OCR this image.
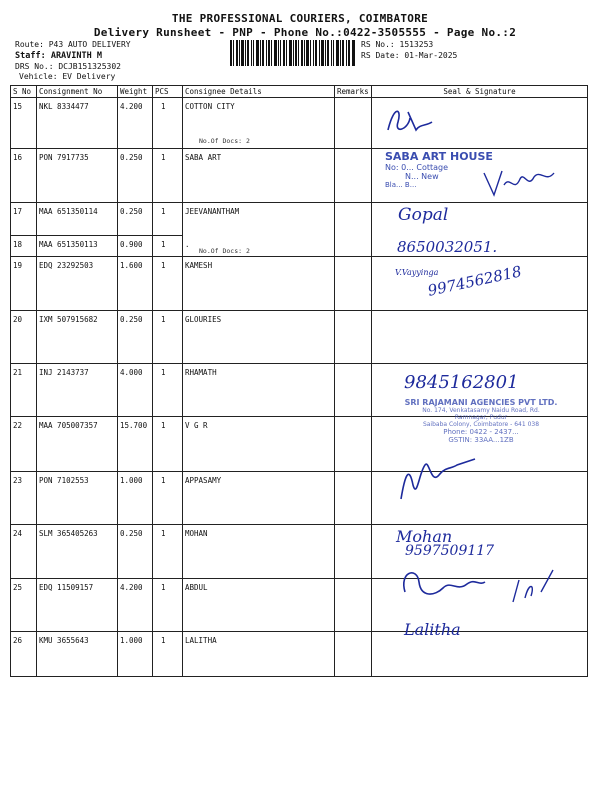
THE PROFESSIONAL COURIERS, COIMBATORE
Delivery Runsheet - PNP - Phone No.:0422-3505555 - Page No.:2
Route: P43 AUTO DELIVERY
Staff: ARAVINTH M
DRS No.: DCJB151325302
Vehicle: EV Delivery
RS No.: 1513253
RS Date: 01-Mar-2025
S No	Consignment No	Weight	PCS	Consignee Details	Remarks	Seal & Signature

15	NKL 8334477	4.200	1	COTTON CITY		

16	PON 7917735	0.250	1	SABA ART		

17	MAA 651350114	0.250	1	JEEVANANTHAM		

18	MAA 651350113	0.900	1	.		

19	EDQ 23292503	1.600	1	KAMESH		

20	IXM 507915682	0.250	1	GLOURIES		

21	INJ 2143737	4.000	1	RHAMATH		

22	MAA 705007357	15.700	1	V G R		

23	PON 7102553	1.000	1	APPASAMY		

24	SLM 365405263	0.250	1	MOHAN		

25	EDQ 11509157	4.200	1	ABDUL		

26	KMU 3655643	1.000	1	LALITHA		

No.Of Docs: 2
No.Of Docs: 2
SABA ART HOUSE
No: 0... Cottage
N... New
Bla... B...
Gopal
8650032051.
V.Vayyinga
9974562818
9845162801
SRI RAJAMANI AGENCIES PVT LTD.
No. 174, Venkatasamy Naidu Road, Rd.
Ramnagar, Pudur
Saibaba Colony, Coimbatore - 641 038
Phone: 0422 - 2437...
GSTIN: 33AA...1ZB
Mohan
9597509117
Lalitha
